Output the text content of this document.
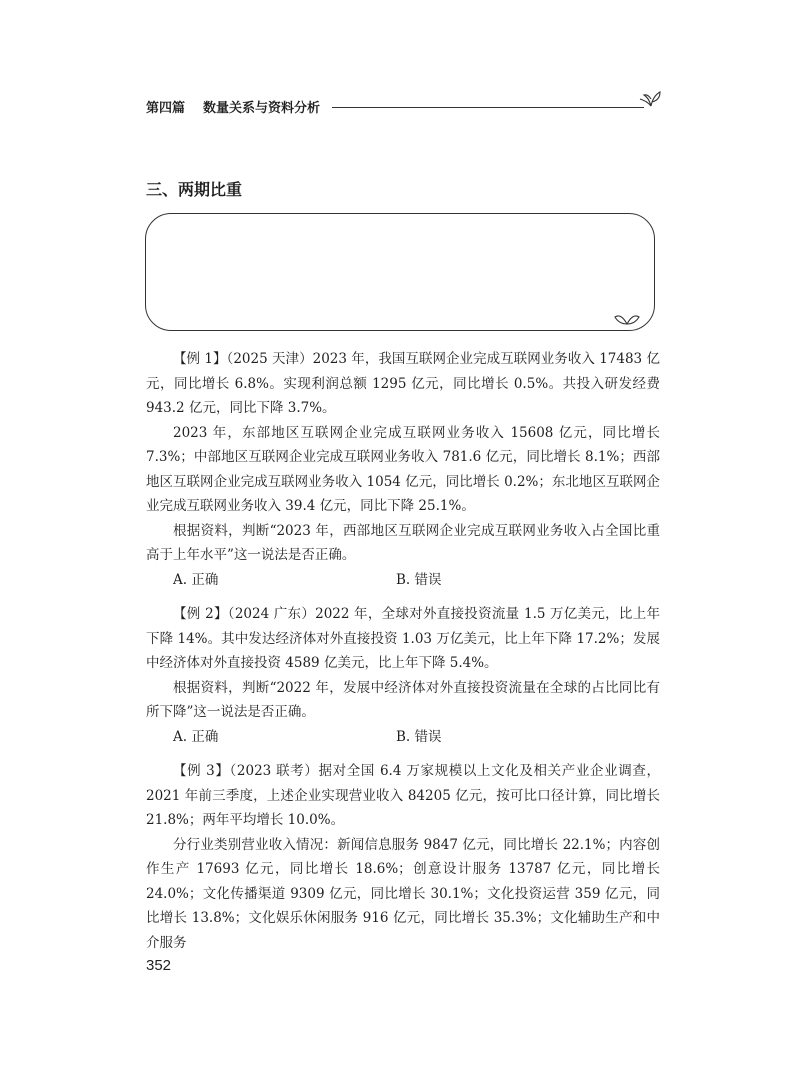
第四篇 数量关系与资料分析
三、两期比重

【例 1】（2025 天津）2023 年，我国互联网企业完成互联网业务收入 17483 亿元，同比增长 6.8%。实现利润总额 1295 亿元，同比增长 0.5%。共投入研发经费 943.2 亿元，同比下降 3.7%。

2023 年，东部地区互联网企业完成互联网业务收入 15608 亿元，同比增长 7.3%；中部地区互联网企业完成互联网业务收入 781.6 亿元，同比增长 8.1%；西部地区互联网企业完成互联网业务收入 1054 亿元，同比增长 0.2%；东北地区互联网企业完成互联网业务收入 39.4 亿元，同比下降 25.1%。

根据资料，判断“2023 年，西部地区互联网企业完成互联网业务收入占全国比重高于上年水平”这一说法是否正确。

A. 正确	B. 错误

【例 2】（2024 广东）2022 年，全球对外直接投资流量 1.5 万亿美元，比上年下降 14%。其中发达经济体对外直接投资 1.03 万亿美元，比上年下降 17.2%；发展中经济体对外直接投资 4589 亿美元，比上年下降 5.4%。

根据资料，判断“2022 年，发展中经济体对外直接投资流量在全球的占比同比有所下降”这一说法是否正确。

A. 正确	B. 错误

【例 3】（2023 联考）据对全国 6.4 万家规模以上文化及相关产业企业调查，2021 年前三季度，上述企业实现营业收入 84205 亿元，按可比口径计算，同比增长 21.8%；两年平均增长 10.0%。

分行业类别营业收入情况：新闻信息服务 9847 亿元，同比增长 22.1%；内容创作生产 17693 亿元，同比增长 18.6%；创意设计服务 13787 亿元，同比增长 24.0%；文化传播渠道 9309 亿元，同比增长 30.1%；文化投资运营 359 亿元，同比增长 13.8%；文化娱乐休闲服务 916 亿元，同比增长 35.3%；文化辅助生产和中介服务

352
